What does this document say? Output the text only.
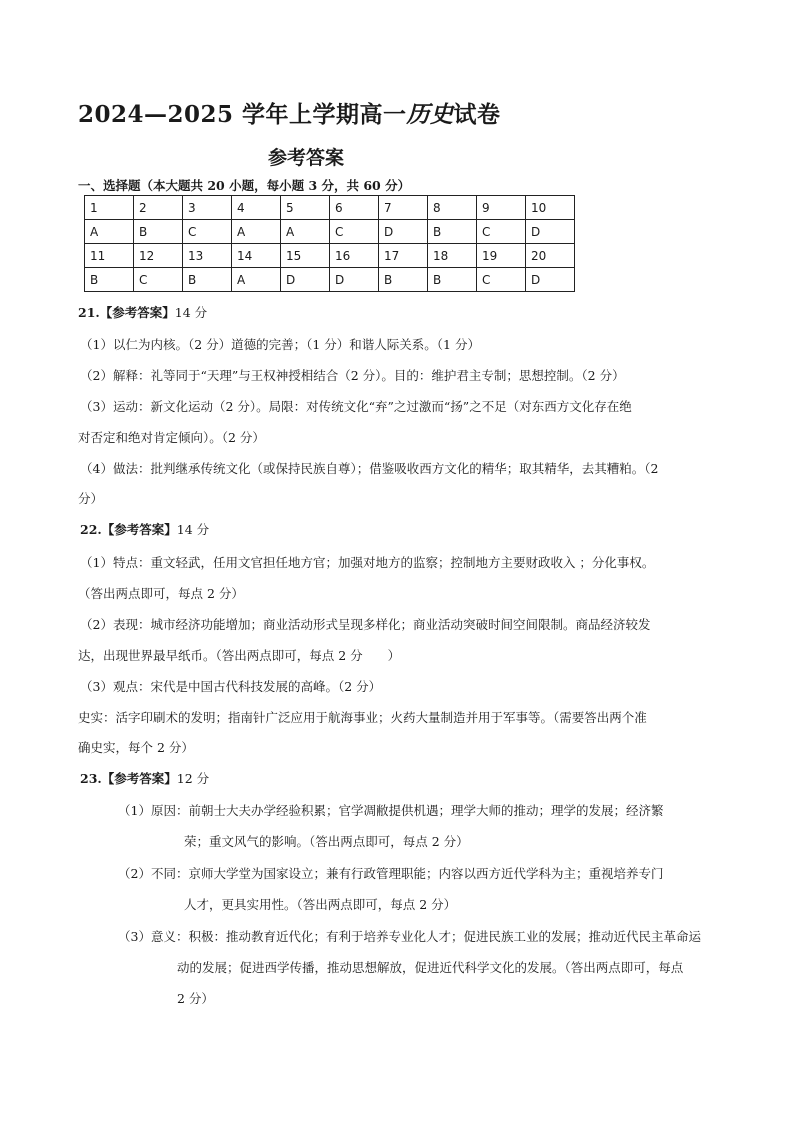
2024—2025 学年上学期高一历史试卷
参考答案
一、选择题（本大题共 20 小题，每小题 3 分，共 60 分）
1	2	3	4	5	6	7	8	9	10
A	B	C	A	A	C	D	B	C	D
11	12	13	14	15	16	17	18	19	20
B	C	B	A	D	D	B	B	C	D
21.【参考答案】14 分
（1）以仁为内核。（2 分）道德的完善；（1 分）和谐人际关系。（1 分）
（2）解释：礼等同于“天理”与王权神授相结合（2 分）。目的：维护君主专制；思想控制。（2 分）
（3）运动：新文化运动（2 分）。局限：对传统文化“弃”之过激而“扬”之不足（对东西方文化存在绝
对否定和绝对肯定倾向）。（2 分）
（4）做法：批判继承传统文化（或保持民族自尊）；借鉴吸收西方文化的精华；取其精华，去其糟粕。（2
分）
22.【参考答案】14 分
（1）特点：重文轻武，任用文官担任地方官；加强对地方的监察；控制地方主要财政收入 ；分化事权。
（答出两点即可，每点 2 分）
（2）表现：城市经济功能增加；商业活动形式呈现多样化；商业活动突破时间空间限制。商品经济较发
达，出现世界最早纸币。（答出两点即可，每点 2 分　　）
（3）观点：宋代是中国古代科技发展的高峰。（2 分）
史实：活字印刷术的发明；指南针广泛应用于航海事业；火药大量制造并用于军事等。（需要答出两个准
确史实，每个 2 分）
23.【参考答案】12 分
（1）原因：前朝士大夫办学经验积累；官学凋敝提供机遇；理学大师的推动；理学的发展；经济繁
荣；重文风气的影响。（答出两点即可，每点 2 分）
（2）不同：京师大学堂为国家设立；兼有行政管理职能；内容以西方近代学科为主；重视培养专门
人才，更具实用性。（答出两点即可，每点 2 分）
（3）意义：积极：推动教育近代化；有利于培养专业化人才；促进民族工业的发展；推动近代民主革命运
动的发展；促进西学传播，推动思想解放，促进近代科学文化的发展。（答出两点即可，每点
2 分）
